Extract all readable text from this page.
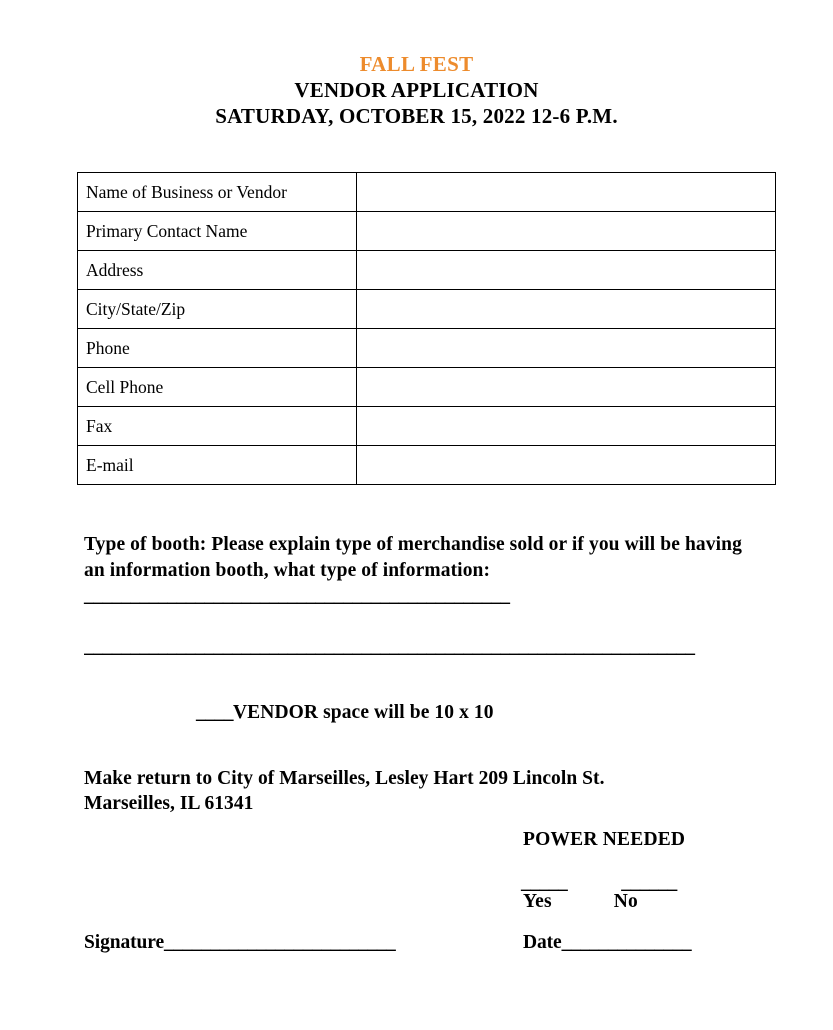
FALL FEST
VENDOR APPLICATION
SATURDAY, OCTOBER 15, 2022 12-6 P.M.
Name of Business or Vendor	
Primary Contact Name	
Address	
City/State/Zip	
Phone	
Cell Phone	
Fax	
E-mail	
Type of booth: Please explain type of merchandise sold or if you will be having an information booth, what type of information: ______________________________________________
__________________________________________________________________
____VENDOR space will be 10 x 10
Make return to City of Marseilles, Lesley Hart 209 Lincoln St.
Marseilles, IL 61341
POWER NEEDED
_____	______
Yes	No
Signature_________________________	Date______________
